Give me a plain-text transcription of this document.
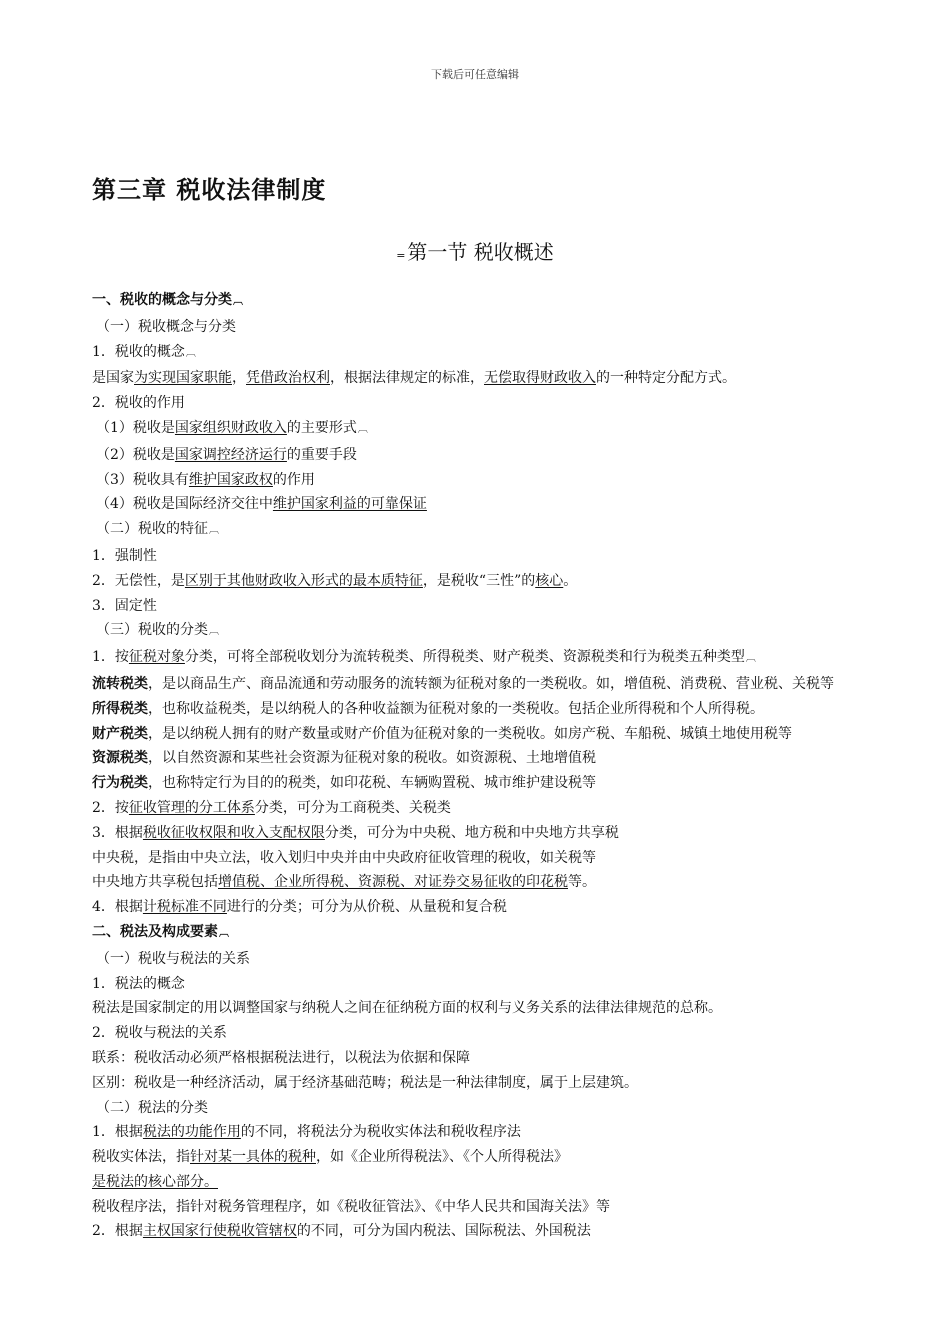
下载后可任意编辑
第三章 税收法律制度
= 第一节 税收概述
一、税收的概念与分类︹
（一）税收概念与分类
1．税收的概念︹
是国家为实现国家职能，凭借政治权利，根据法律规定的标准，无偿取得财政收入的一种特定分配方式。
2．税收的作用
（1）税收是国家组织财政收入的主要形式︹
（2）税收是国家调控经济运行的重要手段
（3）税收具有维护国家政权的作用
（4）税收是国际经济交往中维护国家利益的可靠保证
（二）税收的特征︹
1．强制性
2．无偿性，是区别于其他财政收入形式的最本质特征，是税收“三性”的核心。
3．固定性
（三）税收的分类︹
1．按征税对象分类，可将全部税收划分为流转税类、所得税类、财产税类、资源税类和行为税类五种类型︹
流转税类，是以商品生产、商品流通和劳动服务的流转额为征税对象的一类税收。如，增值税、消费税、营业税、关税等
所得税类，也称收益税类，是以纳税人的各种收益额为征税对象的一类税收。包括企业所得税和个人所得税。
财产税类，是以纳税人拥有的财产数量或财产价值为征税对象的一类税收。如房产税、车船税、城镇土地使用税等
资源税类，以自然资源和某些社会资源为征税对象的税收。如资源税、土地增值税
行为税类，也称特定行为目的的税类，如印花税、车辆购置税、城市维护建设税等
2．按征收管理的分工体系分类，可分为工商税类、关税类
3．根据税收征收权限和收入支配权限分类，可分为中央税、地方税和中央地方共享税
中央税，是指由中央立法，收入划归中央并由中央政府征收管理的税收，如关税等
中央地方共享税包括增值税、企业所得税、资源税、对证券交易征收的印花税等。
4．根据计税标准不同进行的分类；可分为从价税、从量税和复合税
二、税法及构成要素︹
（一）税收与税法的关系
1．税法的概念
税法是国家制定的用以调整国家与纳税人之间在征纳税方面的权利与义务关系的法律法律规范的总称。
2．税收与税法的关系
联系：税收活动必须严格根据税法进行，以税法为依据和保障
区别：税收是一种经济活动，属于经济基础范畴；税法是一种法律制度，属于上层建筑。
（二）税法的分类
1．根据税法的功能作用的不同，将税法分为税收实体法和税收程序法
税收实体法，指针对某一具体的税种，如《企业所得税法》、《个人所得税法》
是税法的核心部分。
税收程序法，指针对税务管理程序，如《税收征管法》、《中华人民共和国海关法》等
2．根据主权国家行使税收管辖权的不同，可分为国内税法、国际税法、外国税法
